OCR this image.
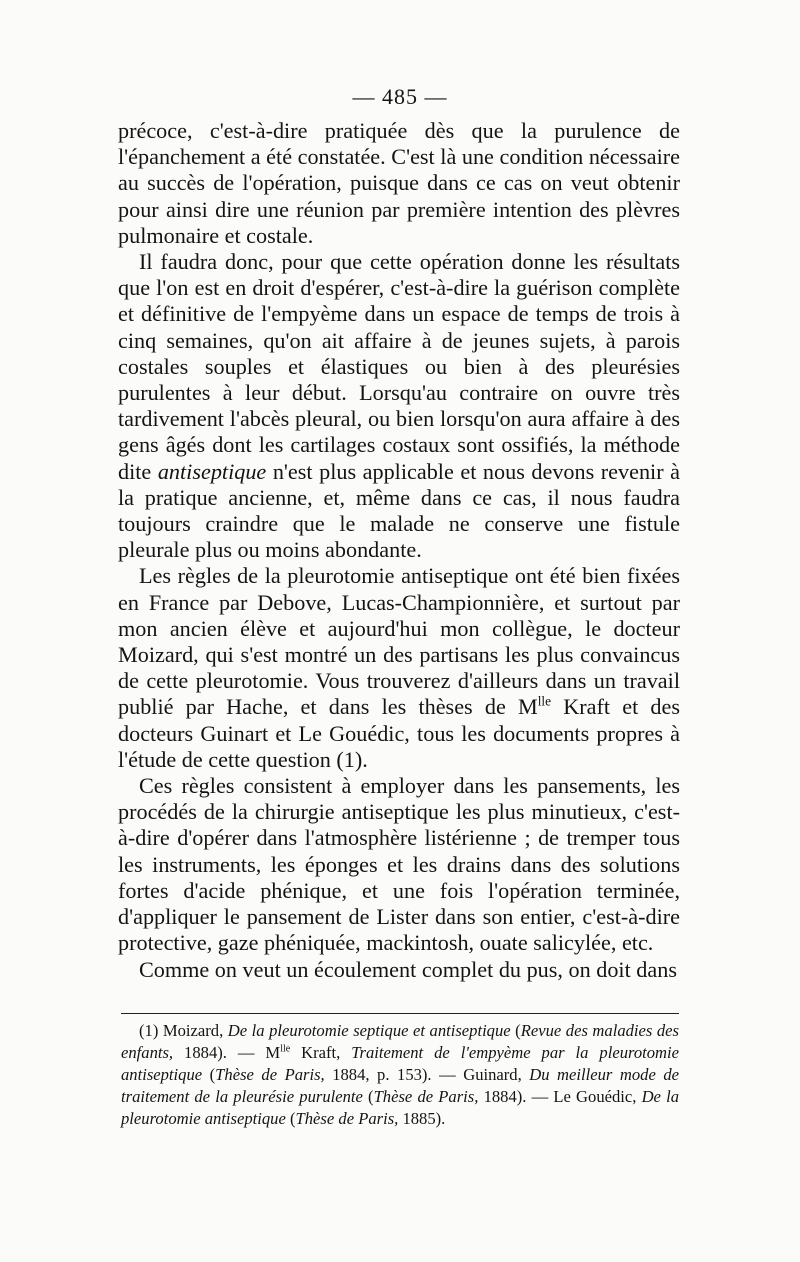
— 485 —

précoce, c'est-à-dire pratiquée dès que la purulence de l'épanchement a été constatée. C'est là une condition nécessaire au succès de l'opération, puisque dans ce cas on veut obtenir pour ainsi dire une réunion par première intention des plèvres pulmonaire et costale.

Il faudra donc, pour que cette opération donne les résultats que l'on est en droit d'espérer, c'est-à-dire la guérison complète et définitive de l'empyème dans un espace de temps de trois à cinq semaines, qu'on ait affaire à de jeunes sujets, à parois costales souples et élastiques ou bien à des pleurésies purulentes à leur début. Lorsqu'au contraire on ouvre très tardivement l'abcès pleural, ou bien lorsqu'on aura affaire à des gens âgés dont les cartilages costaux sont ossifiés, la méthode dite antiseptique n'est plus applicable et nous devons revenir à la pratique ancienne, et, même dans ce cas, il nous faudra toujours craindre que le malade ne conserve une fistule pleurale plus ou moins abondante.

Les règles de la pleurotomie antiseptique ont été bien fixées en France par Debove, Lucas-Championnière, et surtout par mon ancien élève et aujourd'hui mon collègue, le docteur Moizard, qui s'est montré un des partisans les plus convaincus de cette pleurotomie. Vous trouverez d'ailleurs dans un travail publié par Hache, et dans les thèses de $M^{lle}$ Kraft et des docteurs Guinart et Le Gouédic, tous les documents propres à l'étude de cette question (1).

Ces règles consistent à employer dans les pansements, les procédés de la chirurgie antiseptique les plus minutieux, c'est-à-dire d'opérer dans l'atmosphère listérienne ; de tremper tous les instruments, les éponges et les drains dans des solutions fortes d'acide phénique, et une fois l'opération terminée, d'appliquer le pansement de Lister dans son entier, c'est-à-dire protective, gaze phéniquée, mackintosh, ouate salicylée, etc.

Comme on veut un écoulement complet du pus, on doit dans

(1) Moizard, De la pleurotomie septique et antiseptique (Revue des maladies des enfants, 1884). — $M^{lle}$ Kraft, Traitement de l'empyème par la pleurotomie antiseptique (Thèse de Paris, 1884, p. 153). — Guinard, Du meilleur mode de traitement de la pleurésie purulente (Thèse de Paris, 1884). — Le Gouédic, De la pleurotomie antiseptique (Thèse de Paris, 1885).
